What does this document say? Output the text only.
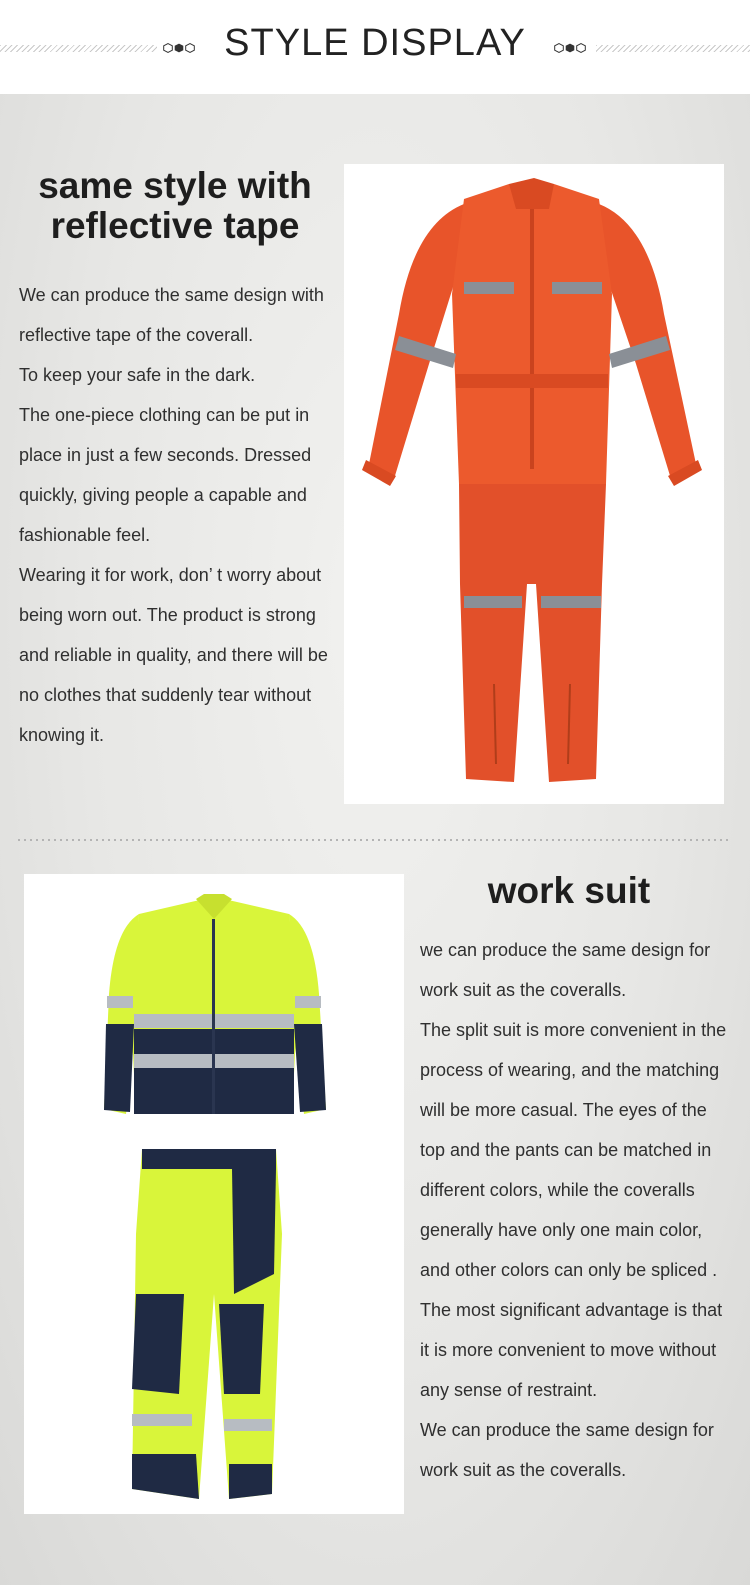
STYLE DISPLAY
same style with
reflective tape

We can produce the same design with reflective tape of the coverall.

To keep your safe in the dark.

The one-piece clothing can be put in place in just a few seconds. Dressed quickly, giving people a capable and fashionable feel.

Wearing it for work, don’ t worry about being worn out. The product is strong and reliable in quality, and there will be no clothes that suddenly tear without knowing it.

work suit

we can produce the same design for work suit as the coveralls.

The split suit is more convenient in the process of wearing, and the matching will be more casual. The eyes of the top and the pants can be matched in different colors, while the coveralls generally have only one main color, and other colors can only be spliced .

The most significant advantage is that it is more convenient to move without any sense of restraint.

We can produce the same design for work suit as the coveralls.
